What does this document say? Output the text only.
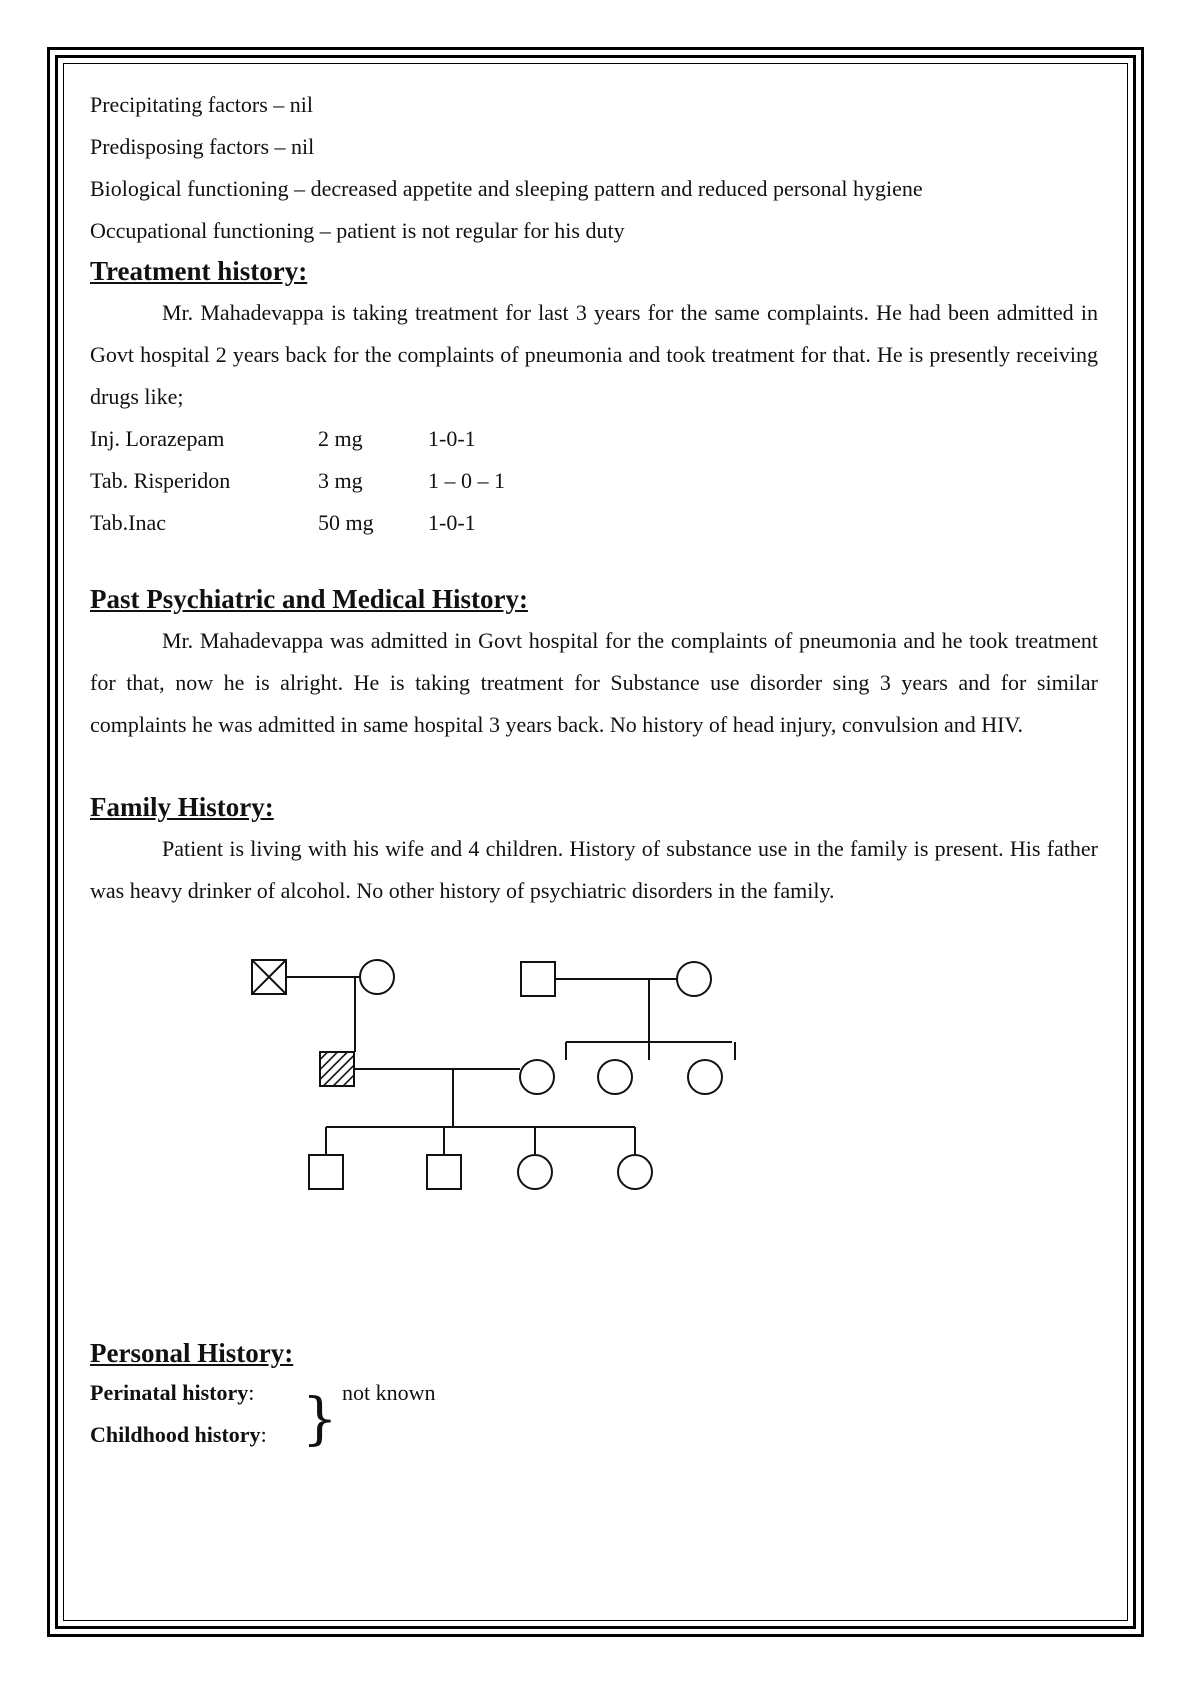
Precipitating factors – nil

Predisposing factors – nil

Biological functioning – decreased appetite and sleeping pattern and reduced personal hygiene

Occupational functioning – patient is not regular for his duty

Treatment history:

Mr. Mahadevappa is taking treatment for last 3 years for the same complaints. He had been admitted in Govt hospital 2 years back for the complaints of pneumonia and took treatment for that. He is presently receiving drugs like;

Inj. Lorazepam	2 mg	1-0-1
Tab. Risperidon	3 mg	1 – 0 – 1
Tab.Inac	50 mg	1-0-1
Past Psychiatric and Medical History:

Mr. Mahadevappa was admitted in Govt hospital for the complaints of pneumonia and he took treatment for that, now he is alright. He is taking treatment for Substance use disorder sing 3 years and for similar complaints he was admitted in same hospital 3 years back. No history of head injury, convulsion and HIV.

Family History:

Patient is living with his wife and 4 children. History of substance use in the family is present. His father was heavy drinker of alcohol. No other history of psychiatric disorders in the family.

Personal History:
Perinatal history:
Childhood history: } not known
